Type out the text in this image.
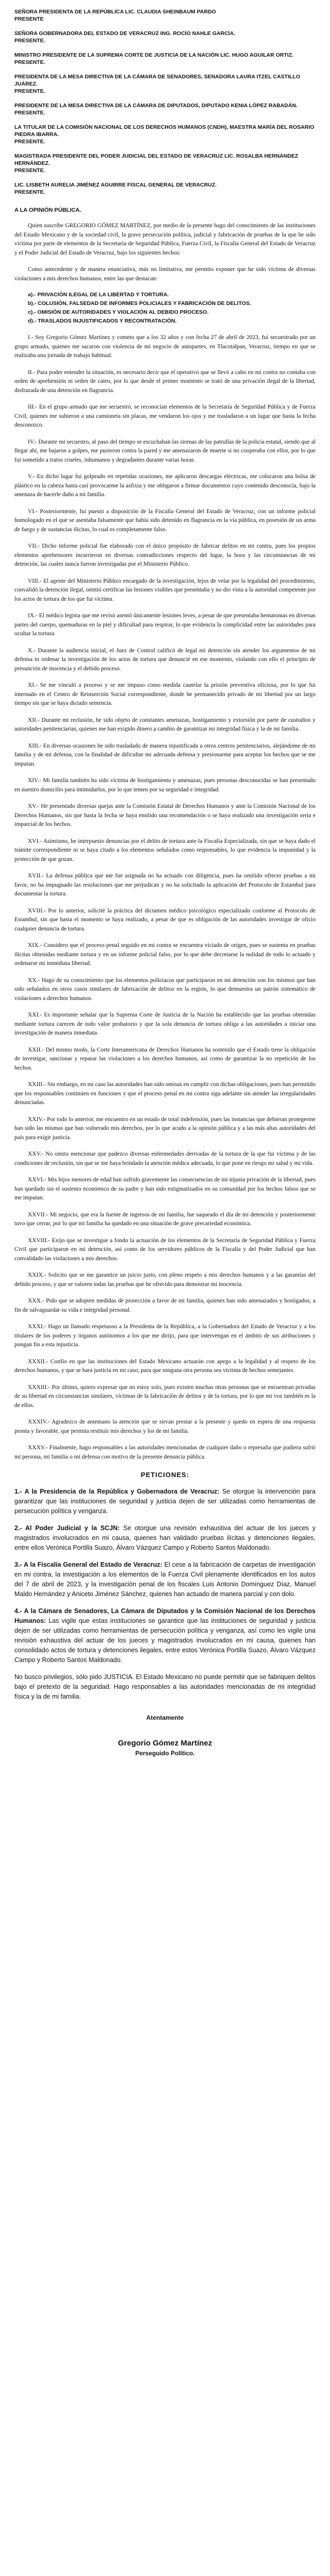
SEÑORA PRESIDENTA DE LA REPÚBLICA LIC. CLAUDIA SHEINBAUM PARDO
PRESENTE
SEÑORA GOBERNADORA DEL ESTADO DE VERACRUZ ING. ROCÍO NAHLE GARCÍA.
PRESENTE.
MINISTRO PRESIDENTE DE LA SUPREMA CORTE DE JUSTICIA DE LA NACIÓN LIC. HUGO AGUILAR ORTIZ.
PRESENTE.
PRESIDENTA DE LA MESA DIRECTIVA DE LA CÁMARA DE SENADORES, SENADORA LAURA ITZEL CASTILLO JUÁREZ.
PRESENTE.
PRESIDENTE DE LA MESA DIRECTIVA DE LA CÁMARA DE DIPUTADOS, DIPUTADO KENIA LÓPEZ RABADÁN.
PRESENTE.
LA TITULAR DE LA COMISIÓN NACIONAL DE LOS DERECHOS HUMANOS (CNDH), MAESTRA MARÍA DEL ROSARIO PIEDRA IBARRA.
PRESENTE.
MAGISTRADA PRESIDENTE DEL PODER JUDICIAL DEL ESTADO DE VERACRUZ LIC. ROSALBA HERNÁNDEZ HERNÁNDEZ.
PRESENTE.
LIC. LISBETH AURELIA JIMÉNEZ AGUIRRE FISCAL GENERAL DE VERACRUZ.
PRESENTE.
A LA OPINIÓN PÚBLICA.

Quien suscribe GREGORIO GÓMEZ MARTÍNEZ, por medio de la presente hago del conocimiento de las instituciones del Estado Mexicano y de la sociedad civil, la grave persecución política, judicial y fabricación de pruebas de la que he sido víctima por parte de elementos de la Secretaría de Seguridad Pública, Fuerza Civil, la Fiscalía General del Estado de Veracruz y el Poder Judicial del Estado de Veracruz, bajo los siguientes hechos:

Como antecedente y de manera enunciativa, más no limitativa, me permito exponer que he sido víctima de diversas violaciones a mis derechos humanos, entre las que destacan:

a).- PRIVACIÓN ILEGAL DE LA LIBERTAD Y TORTURA.
b).- COLUSIÓN, FALSEDAD DE INFORMES POLICIALES Y FABRICACIÓN DE DELITOS.
c).- OMISIÓN DE AUTORIDADES Y VIOLACIÓN AL DEBIDO PROCESO.
d).- TRASLADOS INJUSTIFICADOS Y RECONTRATACIÓN.

I.- Soy Gregorio Gómez Martínez y cometo que a los 32 años y con fecha 27 de abril de 2023, fui secuestrado por un grupo armado, quienes me sacaron con violencia de mi negocio de autopartes, en Tlacotalpan, Veracruz, tiempo en que se realizaba una jornada de trabajo habitual.

II.- Para poder entender la situación, es necesario decir que el operativo que se llevó a cabo en mi contra no contaba con orden de aprehensión ni orden de cateo, por lo que desde el primer momento se trató de una privación ilegal de la libertad, disfrazada de una detención en flagrancia.

III.- En el grupo armado que me secuestró, se reconocían elementos de la Secretaría de Seguridad Pública y de Fuerza Civil, quienes me subieron a una camioneta sin placas, me vendaron los ojos y me trasladaron a un lugar que hasta la fecha desconozco.

IV.- Durante mi secuestro, al paso del tiempo se escuchaban las sirenas de las patrullas de la policía estatal, siendo que al llegar ahí, me bajaron a golpes, me pusieron contra la pared y me amenazaron de muerte si no cooperaba con ellos, por lo que fui sometido a tratos crueles, inhumanos y degradantes durante varias horas.

V.- En dicho lugar fui golpeado en repetidas ocasiones, me aplicaron descargas eléctricas, me colocaron una bolsa de plástico en la cabeza hasta casi provocarme la asfixia y me obligaron a firmar documentos cuyo contenido desconocía, bajo la amenaza de hacerle daño a mi familia.

VI.- Posteriormente, fui puesto a disposición de la Fiscalía General del Estado de Veracruz, con un informe policial homologado en el que se asentaba falsamente que había sido detenido en flagrancia en la vía pública, en posesión de un arma de fuego y de sustancias ilícitas, lo cual es completamente falso.

VII.- Dicho informe policial fue elaborado con el único propósito de fabricar delitos en mi contra, pues los propios elementos aprehensores incurrieron en diversas contradicciones respecto del lugar, la hora y las circunstancias de mi detención, las cuales nunca fueron investigadas por el Ministerio Público.

VIII.- El agente del Ministerio Público encargado de la investigación, lejos de velar por la legalidad del procedimiento, convalidó la detención ilegal, omitió certificar las lesiones visibles que presentaba y no dio vista a la autoridad competente por los actos de tortura de los que fui víctima.

IX.- El médico legista que me revisó asentó únicamente lesiones leves, a pesar de que presentaba hematomas en diversas partes del cuerpo, quemaduras en la piel y dificultad para respirar, lo que evidencia la complicidad entre las autoridades para ocultar la tortura.

X.- Durante la audiencia inicial, el Juez de Control calificó de legal mi detención sin atender los argumentos de mi defensa ni ordenar la investigación de los actos de tortura que denuncié en ese momento, violando con ello el principio de presunción de inocencia y el debido proceso.

XI.- Se me vinculó a proceso y se me impuso como medida cautelar la prisión preventiva oficiosa, por lo que fui internado en el Centro de Reinserción Social correspondiente, donde he permanecido privado de mi libertad por un largo tiempo sin que se haya dictado sentencia.

XII.- Durante mi reclusión, he sido objeto de constantes amenazas, hostigamiento y extorsión por parte de custodios y autoridades penitenciarias, quienes me han exigido dinero a cambio de garantizar mi integridad física y la de mi familia.

XIII.- En diversas ocasiones he sido trasladado de manera injustificada a otros centros penitenciarios, alejándome de mi familia y de mi defensa, con la finalidad de dificultar mi adecuada defensa y presionarme para aceptar los hechos que se me imputan.

XIV.- Mi familia también ha sido víctima de hostigamiento y amenazas, pues personas desconocidas se han presentado en nuestro domicilio para intimidarlos, por lo que temen por su seguridad e integridad.

XV.- He presentado diversas quejas ante la Comisión Estatal de Derechos Humanos y ante la Comisión Nacional de los Derechos Humanos, sin que hasta la fecha se haya emitido una recomendación o se haya realizado una investigación seria e imparcial de los hechos.

XVI.- Asimismo, he interpuesto denuncias por el delito de tortura ante la Fiscalía Especializada, sin que se haya dado el trámite correspondiente ni se haya citado a los elementos señalados como responsables, lo que evidencia la impunidad y la protección de que gozan.

XVII.- La defensa pública que me fue asignada no ha actuado con diligencia, pues ha omitido ofrecer pruebas a mi favor, no ha impugnado las resoluciones que me perjudican y no ha solicitado la aplicación del Protocolo de Estambul para documentar la tortura.

XVIII.- Por lo anterior, solicité la práctica del dictamen médico psicológico especializado conforme al Protocolo de Estambul, sin que hasta el momento se haya realizado, a pesar de que es obligación de las autoridades investigar de oficio cualquier denuncia de tortura.

XIX.- Considero que el proceso penal seguido en mi contra se encuentra viciado de origen, pues se sustenta en pruebas ilícitas obtenidas mediante tortura y en un informe policial falso, por lo que debe decretarse la nulidad de todo lo actuado y ordenarse mi inmediata libertad.

XX.- Hago de su conocimiento que los elementos policiacos que participaron en mi detención son los mismos que han sido señalados en otros casos similares de fabricación de delitos en la región, lo que demuestra un patrón sistemático de violaciones a derechos humanos.

XXI.- Es importante señalar que la Suprema Corte de Justicia de la Nación ha establecido que las pruebas obtenidas mediante tortura carecen de todo valor probatorio y que la sola denuncia de tortura obliga a las autoridades a iniciar una investigación de manera inmediata.

XXII.- Del mismo modo, la Corte Interamericana de Derechos Humanos ha sostenido que el Estado tiene la obligación de investigar, sancionar y reparar las violaciones a los derechos humanos, así como de garantizar la no repetición de los hechos.

XXIII.- Sin embargo, en mi caso las autoridades han sido omisas en cumplir con dichas obligaciones, pues han permitido que los responsables continúen en funciones y que el proceso penal en mi contra siga adelante sin atender las irregularidades denunciadas.

XXIV.- Por todo lo anterior, me encuentro en un estado de total indefensión, pues las instancias que debieran protegerme han sido las mismas que han vulnerado mis derechos, por lo que acudo a la opinión pública y a las más altas autoridades del país para exigir justicia.

XXV.- No omito mencionar que padezco diversas enfermedades derivadas de la tortura de la que fui víctima y de las condiciones de reclusión, sin que se me haya brindado la atención médica adecuada, lo que pone en riesgo mi salud y mi vida.

XXVI.- Mis hijos menores de edad han sufrido gravemente las consecuencias de mi injusta privación de la libertad, pues han quedado sin el sustento económico de su padre y han sido estigmatizados en su comunidad por los hechos falsos que se me imputan.

XXVII.- Mi negocio, que era la fuente de ingresos de mi familia, fue saqueado el día de mi detención y posteriormente tuvo que cerrar, por lo que mi familia ha quedado en una situación de grave precariedad económica.

XXVIII.- Exijo que se investigue a fondo la actuación de los elementos de la Secretaría de Seguridad Pública y Fuerza Civil que participaron en mi detención, así como de los servidores públicos de la Fiscalía y del Poder Judicial que han convalidado las violaciones a mis derechos.

XXIX.- Solicito que se me garantice un juicio justo, con pleno respeto a mis derechos humanos y a las garantías del debido proceso, y que se valoren todas las pruebas que he ofrecido para demostrar mi inocencia.

XXX.- Pido que se adopten medidas de protección a favor de mi familia, quienes han sido amenazados y hostigados, a fin de salvaguardar su vida e integridad personal.

XXXI.- Hago un llamado respetuoso a la Presidenta de la República, a la Gobernadora del Estado de Veracruz y a los titulares de los poderes y órganos autónomos a los que me dirijo, para que intervengan en el ámbito de sus atribuciones y pongan fin a esta injusticia.

XXXII.- Confío en que las instituciones del Estado Mexicano actuarán con apego a la legalidad y al respeto de los derechos humanos, y que se hará justicia en mi caso, para que ninguna otra persona sea víctima de hechos semejantes.

XXXIII.- Por último, quiero expresar que no estoy solo, pues existen muchas otras personas que se encuentran privadas de su libertad en circunstancias similares, víctimas de la fabricación de delitos y de la tortura, por lo que mi voz también es la de ellos.

XXXIV.- Agradezco de antemano la atención que se sirvan prestar a la presente y quedo en espera de una respuesta pronta y favorable, que permita restituir mis derechos y los de mi familia.

XXXV.- Finalmente, hago responsables a las autoridades mencionadas de cualquier daño o represalia que pudiera sufrir mi persona, mi familia o mi defensa con motivo de la presente denuncia pública.

PETICIONES:

1.- A la Presidencia de la República y Gobernadora de Veracruz: Se otorgue la intervención para garantizar que las instituciones de seguridad y justicia dejen de ser utilizadas como herramientas de persecución política y venganza.

2.- Al Poder Judicial y la SCJN: Se otorgue una revisión exhaustiva del actuar de los jueces y magistrados involucrados en mi causa, quienes han validado pruebas ilícitas y detenciones ilegales, entre ellos Verónica Portilla Suazo, Álvaro Vázquez Campo y Roberto Santos Maldonado.

3.- A la Fiscalía General del Estado de Veracruz: El cese a la fabricación de carpetas de investigación en mi contra, la investigación a los elementos de la Fuerza Civil plenamente identificados en los autos del 7 de abril de 2023, y la investigación penal de los fiscales Luis Antonio Domínguez Díaz, Manuel Maldo Hernández y Aniceto Jiménez Sánchez, quienes han actuado de manera parcial y con dolo.

4.- A la Cámara de Senadores, La Cámara de Diputados y la Comisión Nacional de los Derechos Humanos: Las vigile que estas instituciones se garantice que las instituciones de seguridad y justicia dejen de ser utilizadas como herramientas de persecución política y venganza, así como les vigile una revisión exhaustiva del actuar de los jueces y magistrados involucrados en mi causa, quienes han consolidado actos de tortura y detenciones ilegales, entre estos Verónica Portilla Suazo, Álvaro Vázquez Campo y Roberto Santos Maldonado.

No busco privilegios, sólo pido JUSTICIA. El Estado Mexicano no puede permitir que se fabriquen delitos bajo el pretexto de la seguridad. Hago responsables a las autoridades mencionadas de mi integridad física y la de mi familia.

Atentamente
Gregorio Gómez Martínez
Perseguido Político.
